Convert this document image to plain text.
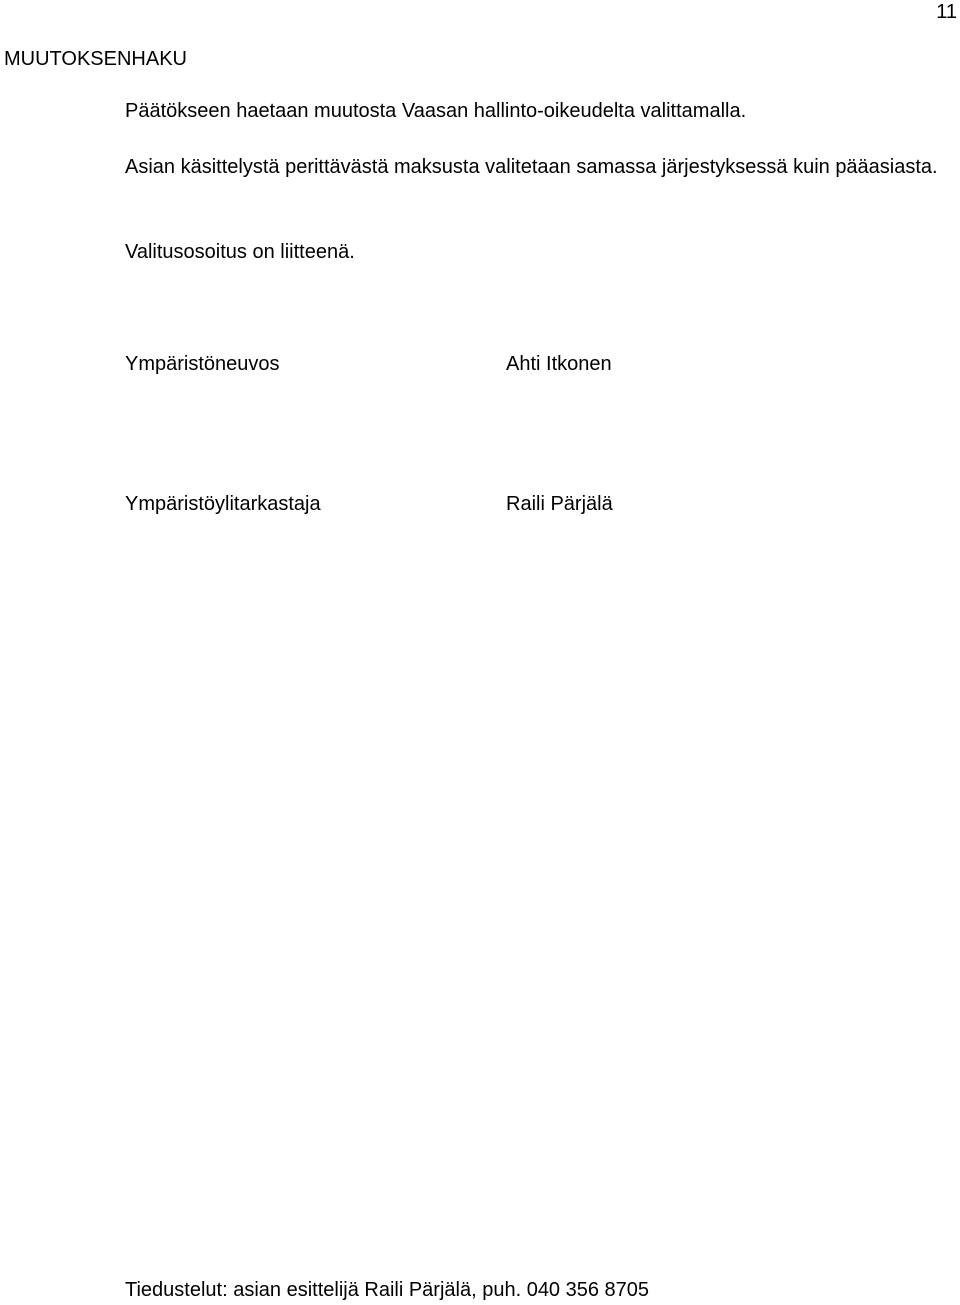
11
MUUTOKSENHAKU

Päätökseen haetaan muutosta Vaasan hallinto-oikeudelta valittamalla.

Asian käsittelystä perittävästä maksusta valitetaan samassa järjestyksessä kuin pääasiasta.

Valitusosoitus on liitteenä.

Ympäristöneuvos	Ahti Itkonen
Ympäristöylitarkastaja	Raili Pärjälä
Tiedustelut: asian esittelijä Raili Pärjälä, puh. 040 356 8705
